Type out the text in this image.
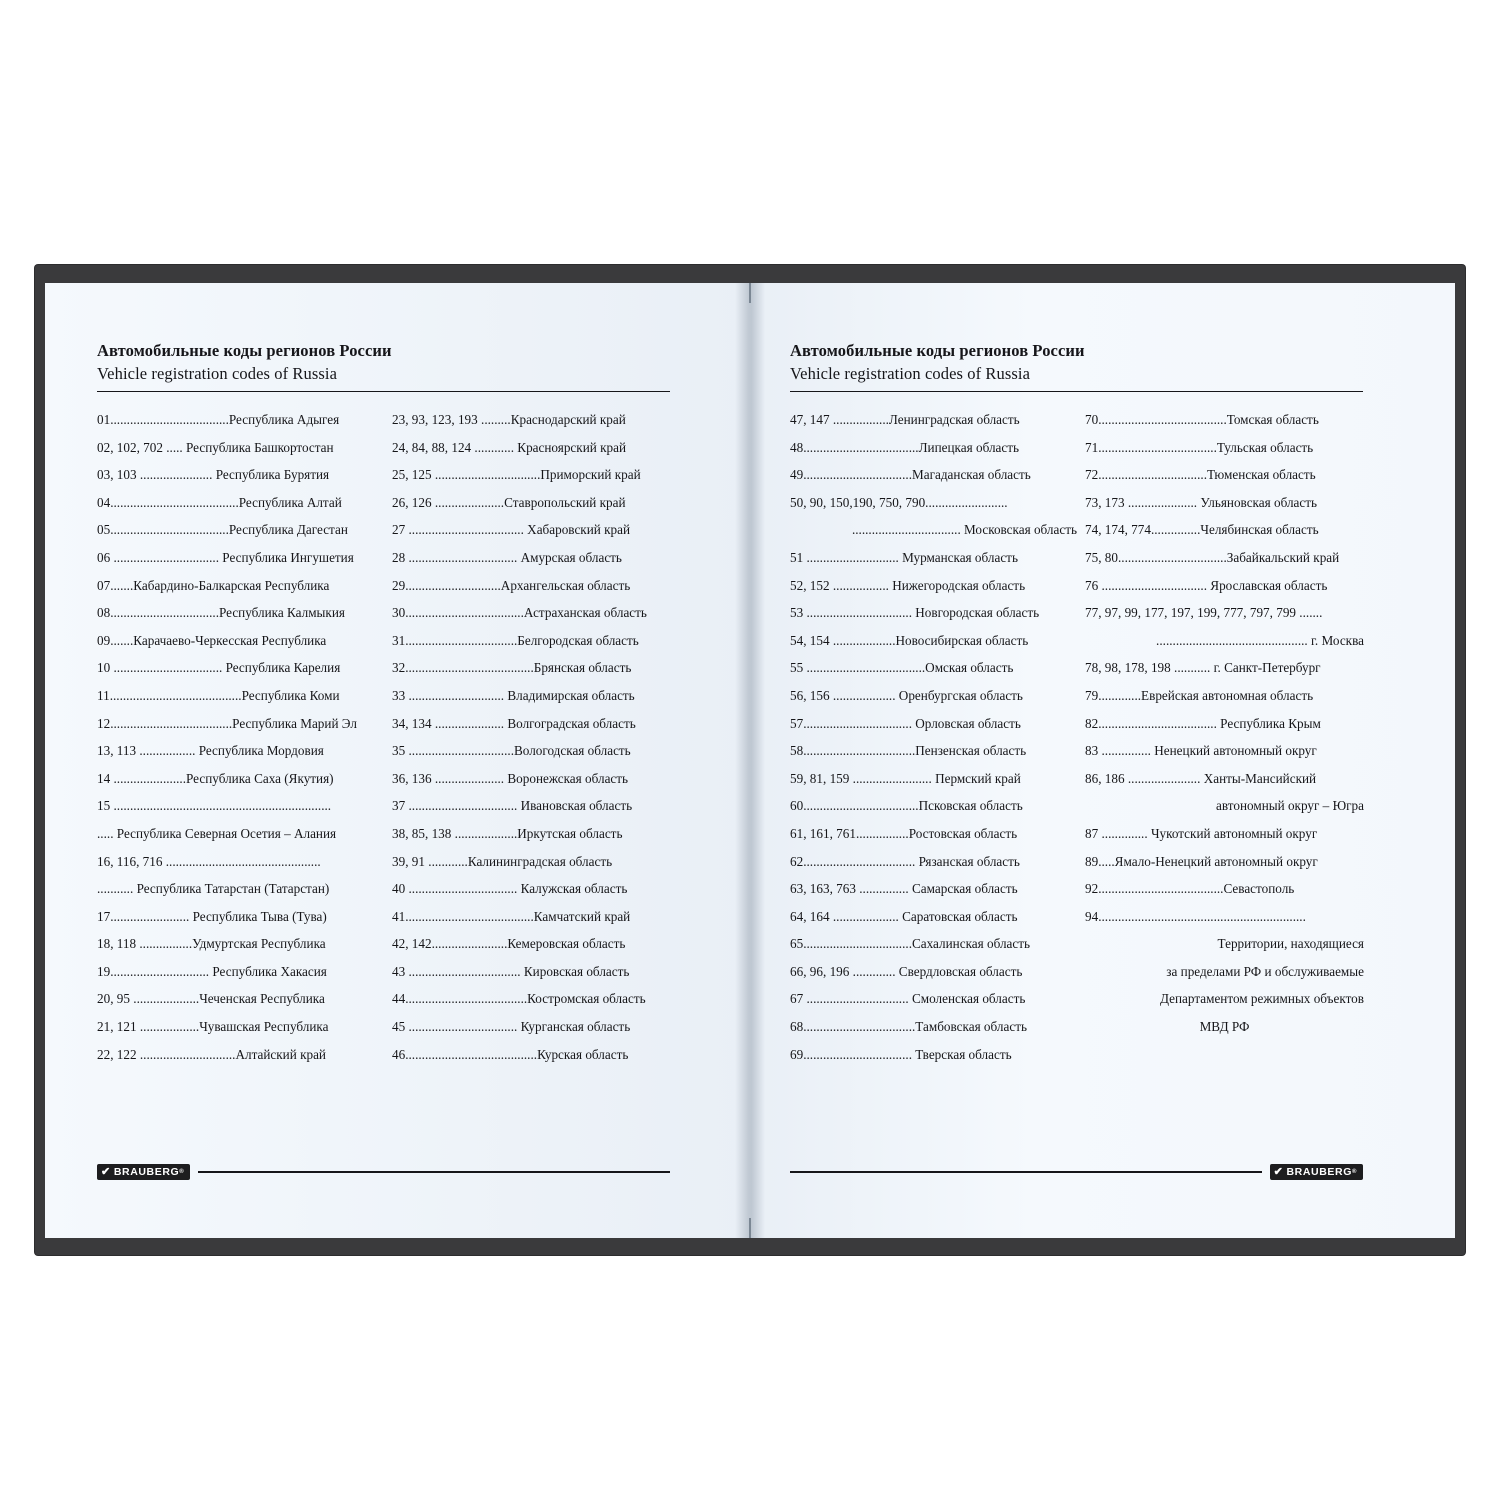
Автомобильные коды регионов России
Vehicle registration codes of Russia
01....................................Республика Адыгея
02, 102, 702 ..... Республика Башкортостан
03, 103 ...................... Республика Бурятия
04.......................................Республика Алтай
05....................................Республика Дагестан
06 ................................ Республика Ингушетия
07.......Кабардино-Балкарская Республика
08.................................Республика Калмыкия
09.......Карачаево-Черкесская Республика
10 ................................. Республика Карелия
11........................................Республика Коми
12.....................................Республика Марий Эл
13, 113 ................. Республика Мордовия
14 ......................Республика Саха (Якутия)
15 ..................................................................
..... Республика Северная Осетия – Алания
16, 116, 716 ...............................................
........... Республика Татарстан (Татарстан)
17........................ Республика Тыва (Тува)
18, 118 ................Удмуртская Республика
19.............................. Республика Хакасия
20, 95 ....................Чеченская Республика
21, 121 ..................Чувашская Республика
22, 122 .............................Алтайский край
23, 93, 123, 193 .........Краснодарский край
24, 84, 88, 124 ............ Красноярский край
25, 125 ................................Приморский край
26, 126 .....................Ставропольский край
27 ................................... Хабаровский край
28 ................................. Амурская область
29.............................Архангельская область
30....................................Астраханская область
31..................................Белгородская область
32.......................................Брянская область
33 ............................. Владимирская область
34, 134 ..................... Волгоградская область
35 ................................Вологодская область
36, 136 ..................... Воронежская область
37 ................................. Ивановская область
38, 85, 138 ...................Иркутская область
39, 91 ............Калининградская область
40 ................................. Калужская область
41.......................................Камчатский край
42, 142.......................Кемеровская область
43 .................................. Кировская область
44.....................................Костромская область
45 ................................. Курганская область
46........................................Курская область
✔ BRAUBERG ®
Автомобильные коды регионов России
Vehicle registration codes of Russia
47, 147 .................Ленинградская область
48...................................Липецкая область
49.................................Магаданская область
50, 90, 150,190, 750, 790.........................
................................. Московская область
51 ............................ Мурманская область
52, 152 ................. Нижегородская область
53 ................................ Новгородская область
54, 154 ...................Новосибирская область
55 ....................................Омская область
56, 156 ................... Оренбургская область
57................................. Орловская область
58..................................Пензенская область
59, 81, 159 ........................ Пермский край
60...................................Псковская область
61, 161, 761................Ростовская область
62.................................. Рязанская область
63, 163, 763 ............... Самарская область
64, 164 .................... Саратовская область
65.................................Сахалинская область
66, 96, 196 ............. Свердловская область
67 ............................... Смоленская область
68..................................Тамбовская область
69................................. Тверская область
70.......................................Томская область
71....................................Тульская область
72.................................Тюменская область
73, 173 ..................... Ульяновская область
74, 174, 774...............Челябинская область
75, 80.................................Забайкальский край
76 ................................ Ярославская область
77, 97, 99, 177, 197, 199, 777, 797, 799 .......
.............................................. г. Москва
78, 98, 178, 198 ........... г. Санкт-Петербург
79.............Еврейская автономная область
82.................................... Республика Крым
83 ............... Ненецкий автономный округ
86, 186 ...................... Ханты-Мансийский
автономный округ – Югра
87 .............. Чукотский автономный округ
89.....Ямало-Ненецкий автономный округ
92......................................Севастополь
94...............................................................
Территории, находящиеся
за пределами РФ и обслуживаемые
Департаментом режимных объектов
МВД РФ
✔ BRAUBERG ®
